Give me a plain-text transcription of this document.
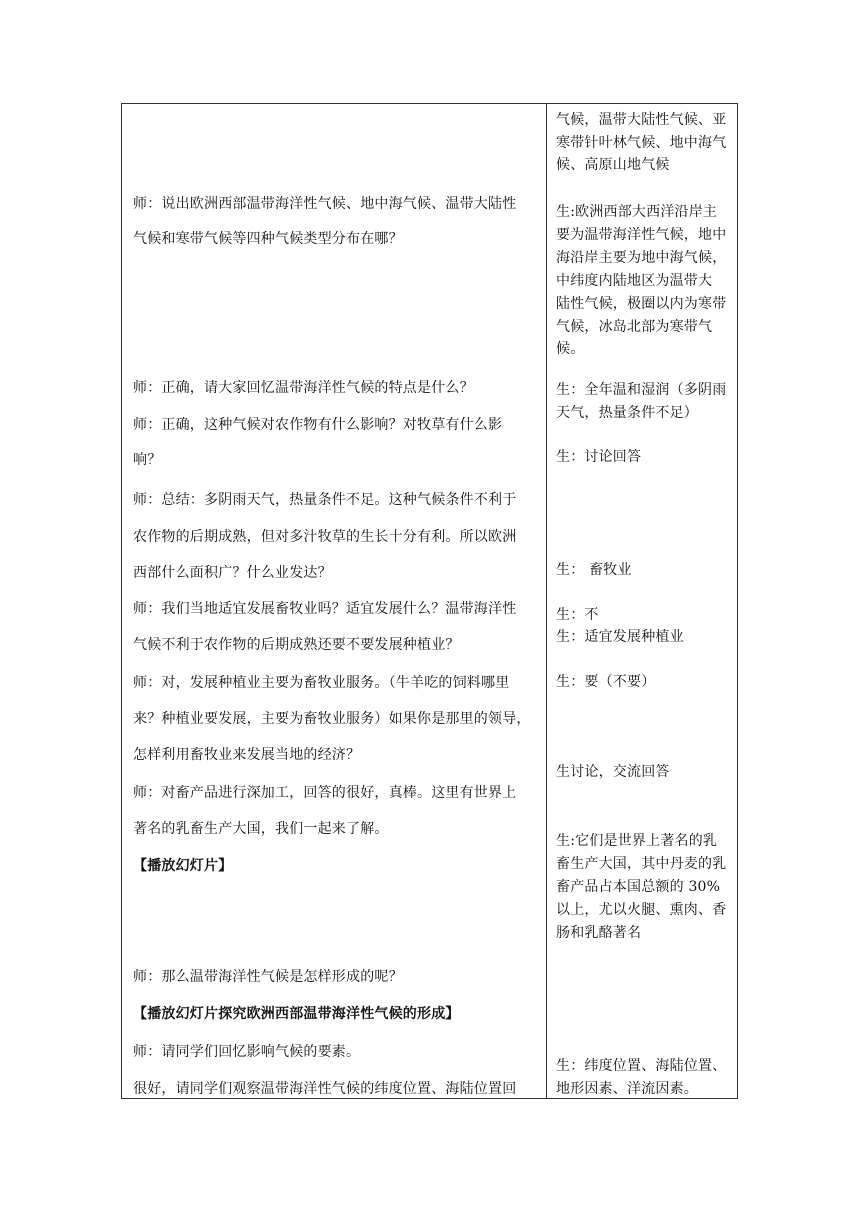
师：说出欧洲西部温带海洋性气候、地中海气候、温带大陆性
气候和寒带气候等四种气候类型分布在哪？
师：正确，请大家回忆温带海洋性气候的特点是什么？
师：正确，这种气候对农作物有什么影响？对牧草有什么影
响？
师：总结：多阴雨天气，热量条件不足。这种气候条件不利于
农作物的后期成熟，但对多汁牧草的生长十分有利。所以欧洲
西部什么面积广？什么业发达？
师：我们当地适宜发展畜牧业吗？适宜发展什么？温带海洋性
气候不利于农作物的后期成熟还要不要发展种植业？
师：对，发展种植业主要为畜牧业服务。（牛羊吃的饲料哪里
来？种植业要发展，主要为畜牧业服务）如果你是那里的领导，
怎样利用畜牧业来发展当地的经济？
师：对畜产品进行深加工，回答的很好，真棒。这里有世界上
著名的乳畜生产大国，我们一起来了解。
【播放幻灯片】
师：那么温带海洋性气候是怎样形成的呢？
【播放幻灯片探究欧洲西部温带海洋性气候的形成】
师：请同学们回忆影响气候的要素。
很好，请同学们观察温带海洋性气候的纬度位置、海陆位置回
气候，温带大陆性气候、亚
寒带针叶林气候、地中海气
候、高原山地气候
生:欧洲西部大西洋沿岸主
要为温带海洋性气候，地中
海沿岸主要为地中海气候，
中纬度内陆地区为温带大
陆性气候，极圈以内为寒带
气候，冰岛北部为寒带气
候。
生：全年温和湿润（多阴雨
天气，热量条件不足）
生：讨论回答
生： 畜牧业
生：不
生：适宜发展种植业
生：要（不要）
生讨论，交流回答
生:它们是世界上著名的乳
畜生产大国，其中丹麦的乳
畜产品占本国总额的 30%
以上，尤以火腿、熏肉、香
肠和乳酪著名
生：纬度位置、海陆位置、
地形因素、洋流因素。
